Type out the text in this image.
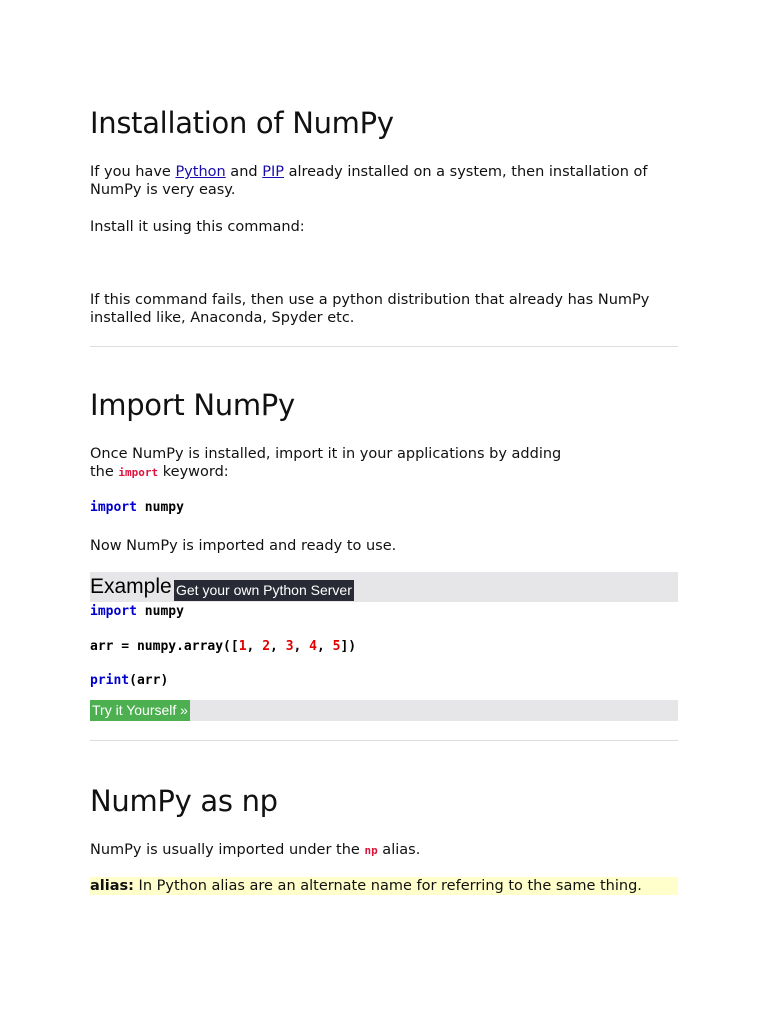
Installation of NumPy

If you have Python and PIP already installed on a system, then installation of NumPy is very easy.

Install it using this command:

If this command fails, then use a python distribution that already has NumPy installed like, Anaconda, Spyder etc.

Import NumPy

Once NumPy is installed, import it in your applications by adding the import keyword:

import numpy

Now NumPy is imported and ready to use.

Example Get your own Python Server
import numpy
arr = numpy.array([1, 2, 3, 4, 5])
print(arr)
Try it Yourself »
NumPy as np

NumPy is usually imported under the np alias.

alias: In Python alias are an alternate name for referring to the same thing.
